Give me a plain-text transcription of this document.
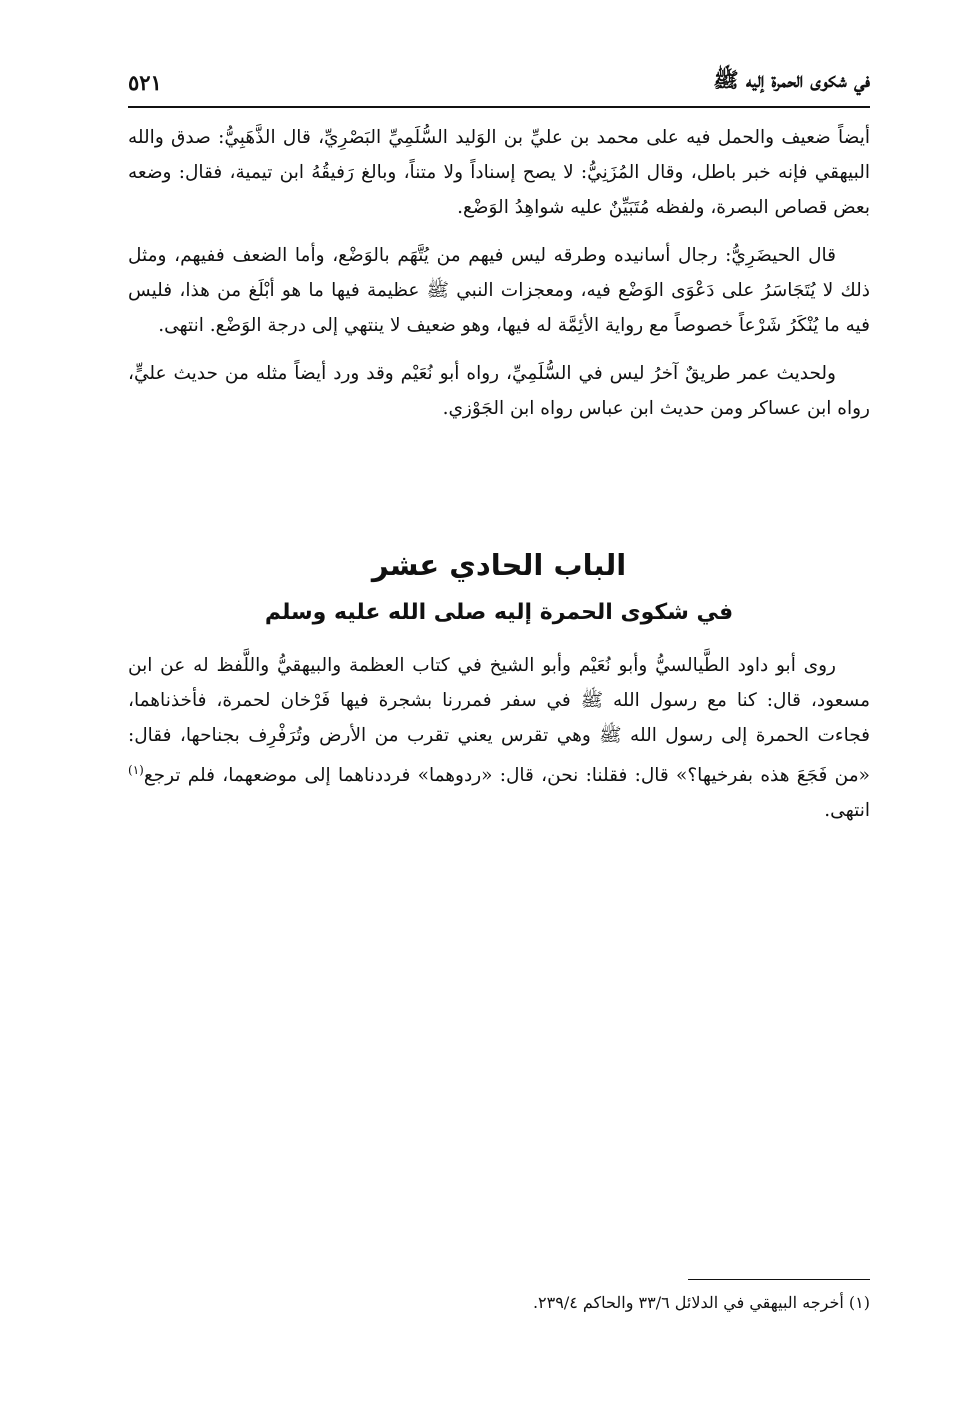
في شكوى الحمرة إليه ﷺ
٥٢١

أيضاً ضعيف والحمل فيه على محمد بن عليِّ بن الوَليد السُّلَمِيِّ البَصْرِيِّ، قال الذَّهَبِيُّ: صدق والله البيهقي فإنه خبر باطل، وقال المُزَنِيُّ: لا يصح إسناداً ولا متناً، وبالغ رَفيقُهُ ابن تيمية، فقال: وضعه بعض قصاص البصرة، ولفظه مُتَبَيِّنٌ عليه شواهِدُ الوَضْع.

قال الحيضَرِيُّ: رجال أسانيده وطرقه ليس فيهم من يُتَّهَم بالوَضْع، وأما الضعف ففيهم، ومثل ذلك لا يُتَجَاسَرُ على دَعْوَى الوَضْع فيه، ومعجزات النبي ﷺ عظيمة فيها ما هو أبْلَغ من هذا، فليس فيه ما يُنْكَرُ شَرْعاً خصوصاً مع رواية الأئِمَّة له فيها، وهو ضعيف لا ينتهي إلى درجة الوَضْع. انتهى.

ولحديث عمر طريقٌ آخرُ ليس في السُّلَمِيِّ، رواه أبو نُعَيْم وقد ورد أيضاً مثله من حديث عليٍّ، رواه ابن عساكر ومن حديث ابن عباس رواه ابن الجَوْزي.

الباب الحادي عشر
في شكوى الحمرة إليه صلى الله عليه وسلم

روى أبو داود الطَّيالسيُّ وأبو نُعَيْم وأبو الشيخ في كتاب العظمة والبيهقيُّ واللَّفظ له عن ابن مسعود، قال: كنا مع رسول الله ﷺ في سفر فمررنا بشجرة فيها فَرْخان لحمرة، فأخذناهما، فجاءت الحمرة إلى رسول الله ﷺ وهي تقرس يعني تقرب من الأرض وتُرَفْرِف بجناحها، فقال: «من فَجَعَ هذه بفرخيها؟» قال: فقلنا: نحن، قال: «ردوهما» فرددناهما إلى موضعهما، فلم ترجع$^{(١)}$ انتهى.

(١) أخرجه البيهقي في الدلائل ٣٣/٦ والحاكم ٢٣٩/٤.
